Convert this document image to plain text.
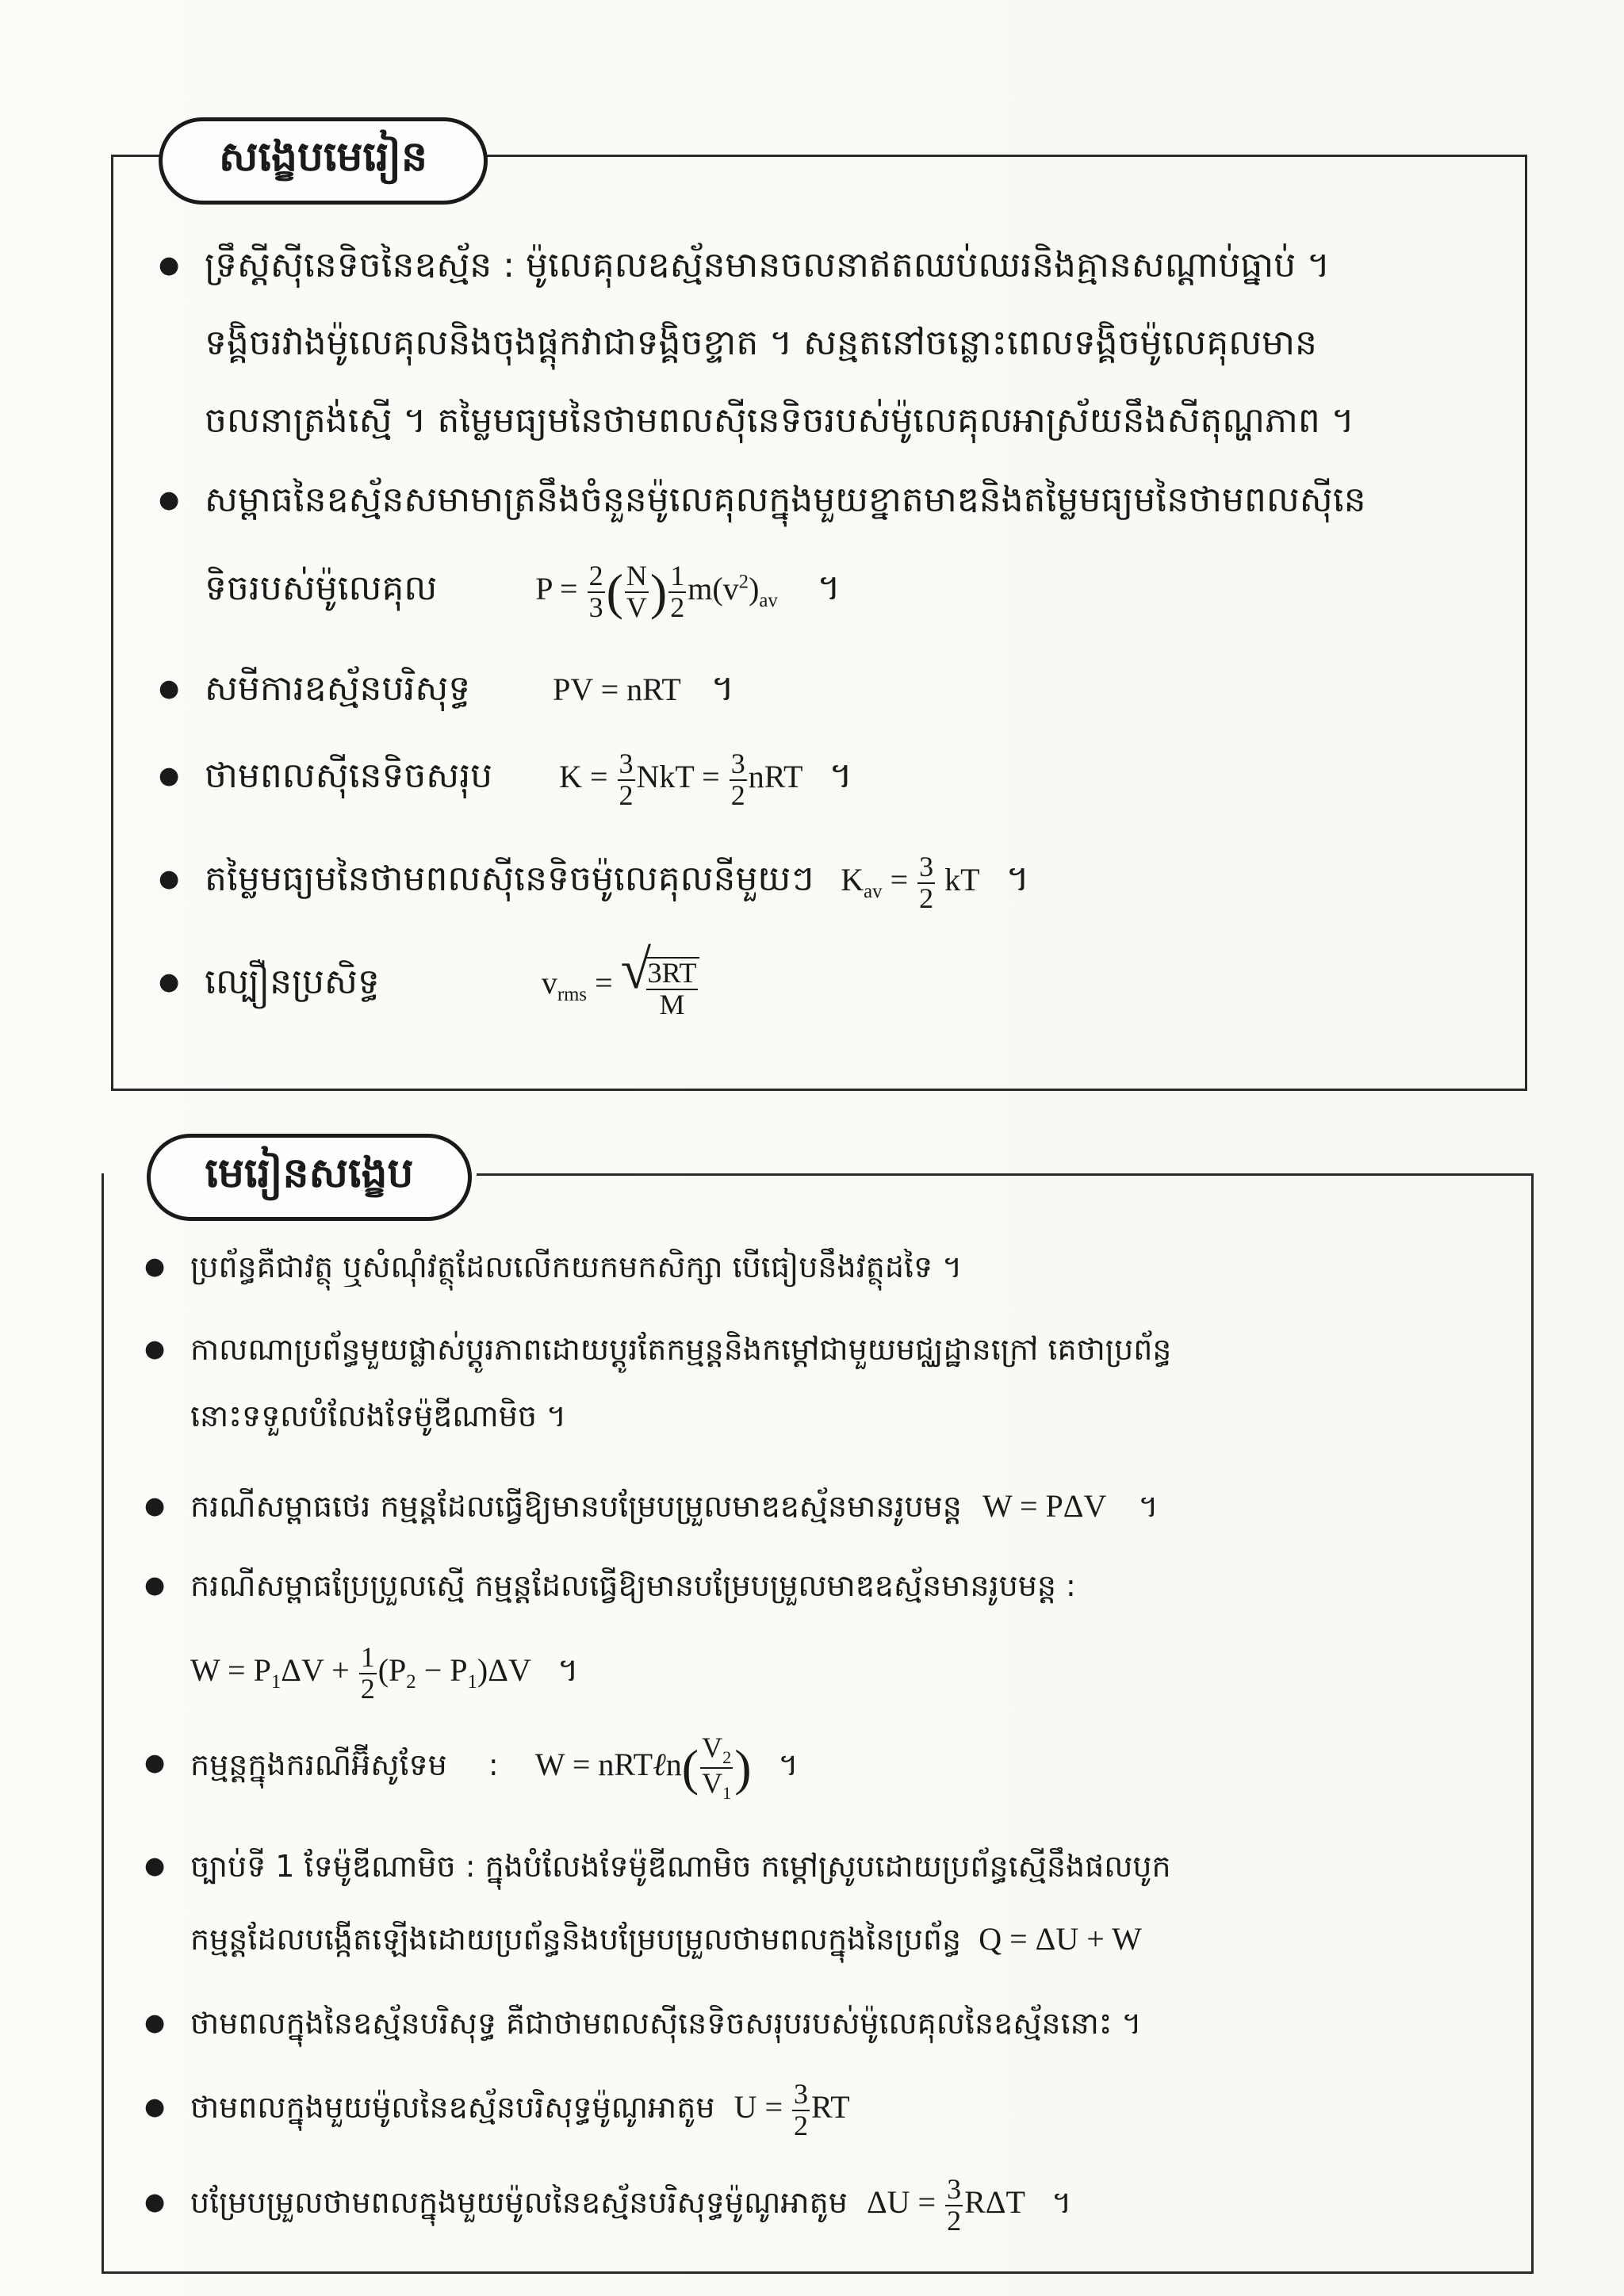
សង្ខេបមេរៀន
● ទ្រឹស្តីស៊ីនេទិចនៃឧស្ម័ន : ម៉ូលេគុលឧស្ម័នមានចលនាឥតឈប់ឈរនិងគ្មានសណ្តាប់ធ្នាប់ ។
ទង្គិចរវាងម៉ូលេគុលនិងចុងផ្តុកវាជាទង្គិចខ្ទាត ។ សន្មតនៅចន្លោះពេលទង្គិចម៉ូលេគុលមាន
ចលនាត្រង់ស្មើ ។ តម្លៃមធ្យមនៃថាមពលស៊ីនេទិចរបស់ម៉ូលេគុលអាស្រ័យនឹងសីតុណ្ហភាព ។
● សម្ពាធនៃឧស្ម័នសមាមាត្រនឹងចំនួនម៉ូលេគុលក្នុងមួយខ្នាតមាឌនិងតម្លៃមធ្យមនៃថាមពលស៊ីនេ
ទិចរបស់ម៉ូលេគុល	$P = \frac{2}{3}$ ( $\frac{N}{V}$ ) $\frac{1}{2} m(v^2)_{av}$ ។
● សមីការឧស្ម័នបរិសុទ្ធ	PV = nRT ។
● ថាមពលស៊ីនេទិចសរុប $K = \frac{3}{2}$ NkT = $\frac{3}{2}$ nRT ។
● តម្លៃមធ្យមនៃថាមពលស៊ីនេទិចម៉ូលេគុលនីមួយៗ $K_{av} = \frac{3}{2}$ kT ។
● ល្បឿនប្រសិទ្ធ	$v_{rms}$ = √
$\frac{3RT}{M}$
មេរៀនសង្ខេប
● ប្រព័ន្ធគឺជាវត្ថុ ឬសំណុំវត្ថុដែលលើកយកមកសិក្សា បើធៀបនឹងវត្ថុដទៃ ។
● កាលណាប្រព័ន្ធមួយផ្លាស់ប្តូរភាពដោយប្តូរតែកម្មន្តនិងកម្តៅជាមួយមជ្ឈដ្ឋានក្រៅ គេថាប្រព័ន្ធ
នោះទទួលបំលែងទែម៉ូឌីណាមិច ។
● ករណីសម្ពាធថេរ កម្មន្តដែលធ្វើឱ្យមានបម្រែបម្រួលមាឌឧស្ម័នមានរូបមន្ត W = PΔV ។
● ករណីសម្ពាធប្រែប្រួលស្មើ កម្មន្តដែលធ្វើឱ្យមានបម្រែបម្រួលមាឌឧស្ម័នមានរូបមន្ត :
$W = P_1\Delta V + \frac{1}{2} (P_2 - P_1)\Delta V$ ។
● កម្មន្តក្នុងករណីអ៊ីសូទែម : W = nRTℓn( $\frac{V_2}{V_1}$ ) ។
● ច្បាប់ទី 1 ទែម៉ូឌីណាមិច : ក្នុងបំលែងទែម៉ូឌីណាមិច កម្តៅស្រូបដោយប្រព័ន្ធស្មើនឹងផលបូក
កម្មន្តដែលបង្កើតឡើងដោយប្រព័ន្ធនិងបម្រែបម្រួលថាមពលក្នុងនៃប្រព័ន្ធ Q = ΔU + W
● ថាមពលក្នុងនៃឧស្ម័នបរិសុទ្ធ គឺជាថាមពលស៊ីនេទិចសរុបរបស់ម៉ូលេគុលនៃឧស្ម័ននោះ ។
● ថាមពលក្នុងមួយម៉ូលនៃឧស្ម័នបរិសុទ្ធម៉ូណូអាតូម $U = \frac{3}{2}$ RT
● បម្រែបម្រួលថាមពលក្នុងមួយម៉ូលនៃឧស្ម័នបរិសុទ្ធម៉ូណូអាតូម $\Delta U = \frac{3}{2}$ RΔT ។
